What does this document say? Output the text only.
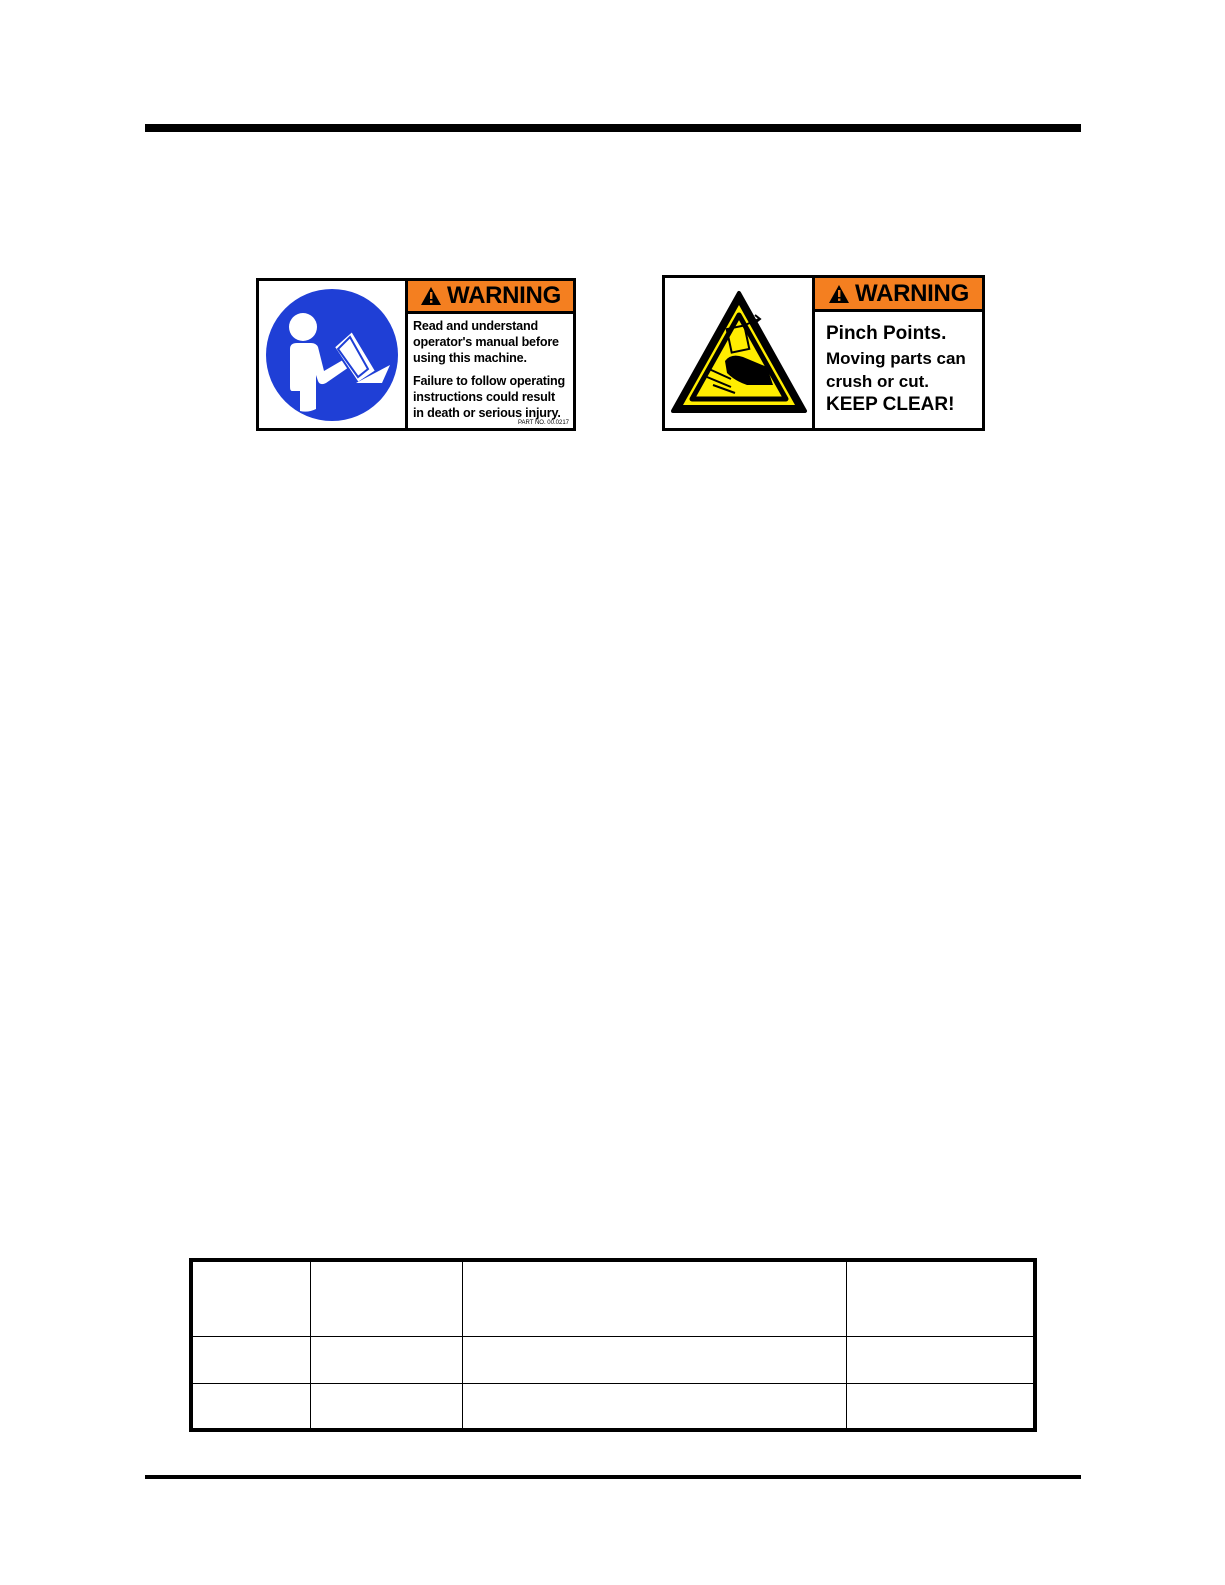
WARNING

Read and understand operator's manual before using this machine.

Failure to follow operating instructions could result in death or serious injury.

PART NO. 00.0217
WARNING
Pinch Points.
Moving parts can
crush or cut.
KEEP CLEAR!
